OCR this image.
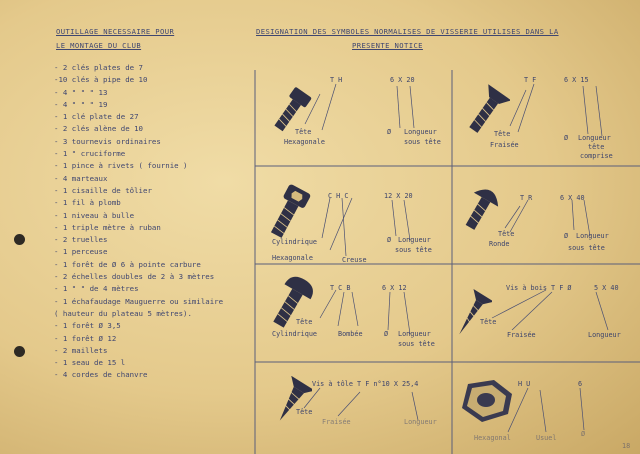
OUTILLAGE NECESSAIRE POUR
LE MONTAGE DU CLUB
DESIGNATION DES SYMBOLES NORMALISES DE VISSERIE UTILISES DANS LA
PRESENTE NOTICE
- 2 clés plates de 7
-10 clés à pipe de 10
- 4 " " " 13
- 4 " " " 19
- 1 clé plate de 27
- 2 clés alène de 10
- 3 tournevis ordinaires
- 1 " cruciforme
- 1 pince à rivets ( fournie )
- 4 marteaux
- 1 cisaille de tôlier
- 1 fil à plomb
- 1 niveau à bulle
- 1 triple mètre à ruban
- 2 truelles
- 1 perceuse
- 1 forêt de Ø 6 à pointe carbure
- 2 échelles doubles de 2 à 3 mètres
- 1 " " de 4 mètres
- 1 échafaudage Mauguerre ou similaire
( hauteur du plateau 5 mètres).
- 1 forêt Ø 3,5
- 1 forêt Ø 12
- 2 maillets
- 1 seau de 15 l
- 4 cordes de chanvre
T H	6 X 20
Tête
Hexagonale
Ø Longueur
sous tête
T F	6 X 15
Tête
Fraisée
Ø Longueur
tête
comprise
C H C	12 X 20
Cylindrique
Hexagonale	Creuse
Ø Longueur
sous tête
T R	6 X 40
Tête
Ronde
Ø Longueur
sous tête
T C B	6 X 12
Tête
Cylindrique	Bombée	Ø Longueur
sous tête
Vis à bois T F Ø	5 X 40
Tête
Fraisée	Longueur
Vis à tôle T F n°10 X 25,4
Tête
Fraisée	Longueur
H U	6
Hexagonal	Usuel	Ø
18
